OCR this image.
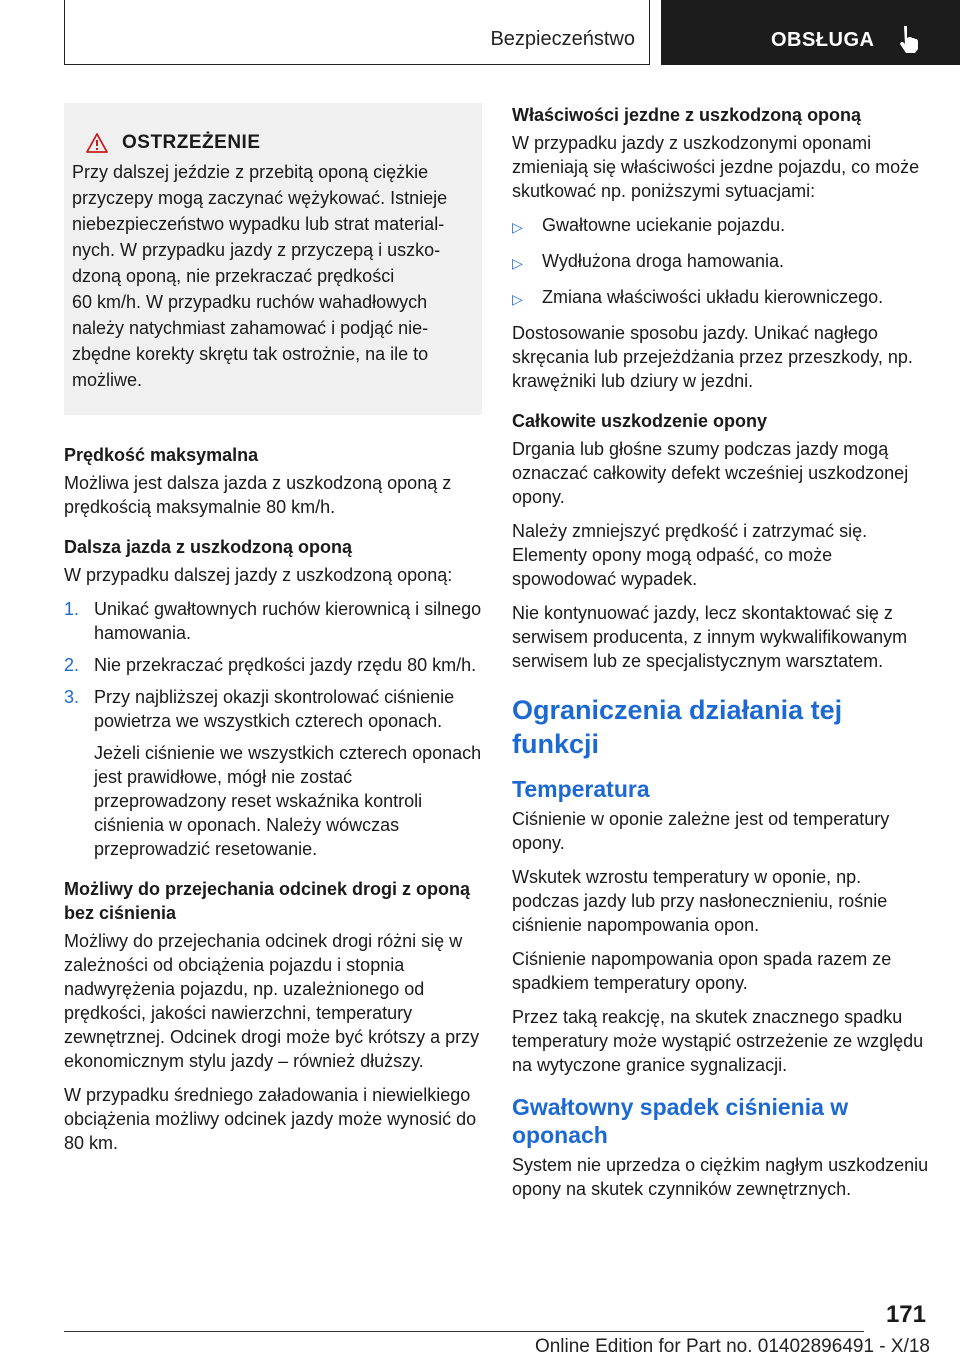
Bezpieczeństwo	OBSŁUGA
OSTRZEŻENIE
Przy dalszej jeździe z przebitą oponą ciężkie
przyczepy mogą zaczynać wężykować. Istnieje
niebezpieczeństwo wypadku lub strat material-
nych. W przypadku jazdy z przyczepą i uszko-
dzoną oponą, nie przekraczać prędkości
60 km/h. W przypadku ruchów wahadłowych
należy natychmiast zahamować i podjąć nie-
zbędne korekty skrętu tak ostrożnie, na ile to
możliwe.
Prędkość maksymalna

Możliwa jest dalsza jazda z uszkodzoną oponą z prędkością maksymalnie 80 km/h.

Dalsza jazda z uszkodzoną oponą

W przypadku dalszej jazdy z uszkodzoną oponą:

1. Unikać gwałtownych ruchów kierownicą i silnego hamowania.
2. Nie przekraczać prędkości jazdy rzędu 80 km/h.
3. Przy najbliższej okazji skontrolować ciśnienie powietrza we wszystkich czterech oponach.
Jeżeli ciśnienie we wszystkich czterech oponach jest prawidłowe, mógł nie zostać przeprowadzony reset wskaźnika kontroli ciśnienia w oponach. Należy wówczas przeprowadzić resetowanie.
Możliwy do przejechania odcinek drogi z oponą bez ciśnienia

Możliwy do przejechania odcinek drogi różni się w zależności od obciążenia pojazdu i stopnia nadwyrężenia pojazdu, np. uzależnionego od prędkości, jakości nawierzchni, temperatury zewnętrznej. Odcinek drogi może być krótszy a przy ekonomicznym stylu jazdy – również dłuższy.

W przypadku średniego załadowania i niewielkiego obciążenia możliwy odcinek jazdy może wynosić do 80 km.

Właściwości jezdne z uszkodzoną oponą

W przypadku jazdy z uszkodzonymi oponami zmieniają się właściwości jezdne pojazdu, co może skutkować np. poniższymi sytuacjami:

▷	Gwałtowne uciekanie pojazdu.
▷	Wydłużona droga hamowania.
▷	Zmiana właściwości układu kierowniczego.

Dostosowanie sposobu jazdy. Unikać nagłego skręcania lub przejeżdżania przez przeszkody, np. krawężniki lub dziury w jezdni.

Całkowite uszkodzenie opony

Drgania lub głośne szumy podczas jazdy mogą oznaczać całkowity defekt wcześniej uszkodzonej opony.

Należy zmniejszyć prędkość i zatrzymać się. Elementy opony mogą odpaść, co może spowodować wypadek.

Nie kontynuować jazdy, lecz skontaktować się z serwisem producenta, z innym wykwalifikowanym serwisem lub ze specjalistycznym warsztatem.

Ograniczenia działania tej funkcji
Temperatura

Ciśnienie w oponie zależne jest od temperatury opony.

Wskutek wzrostu temperatury w oponie, np. podczas jazdy lub przy nasłonecznieniu, rośnie ciśnienie napompowania opon.

Ciśnienie napompowania opon spada razem ze spadkiem temperatury opony.

Przez taką reakcję, na skutek znacznego spadku temperatury może wystąpić ostrzeżenie ze względu na wytyczone granice sygnalizacji.

Gwałtowny spadek ciśnienia w oponach

System nie uprzedza o ciężkim nagłym uszkodzeniu opony na skutek czynników zewnętrznych.

171
Online Edition for Part no. 01402896491 - X/18
